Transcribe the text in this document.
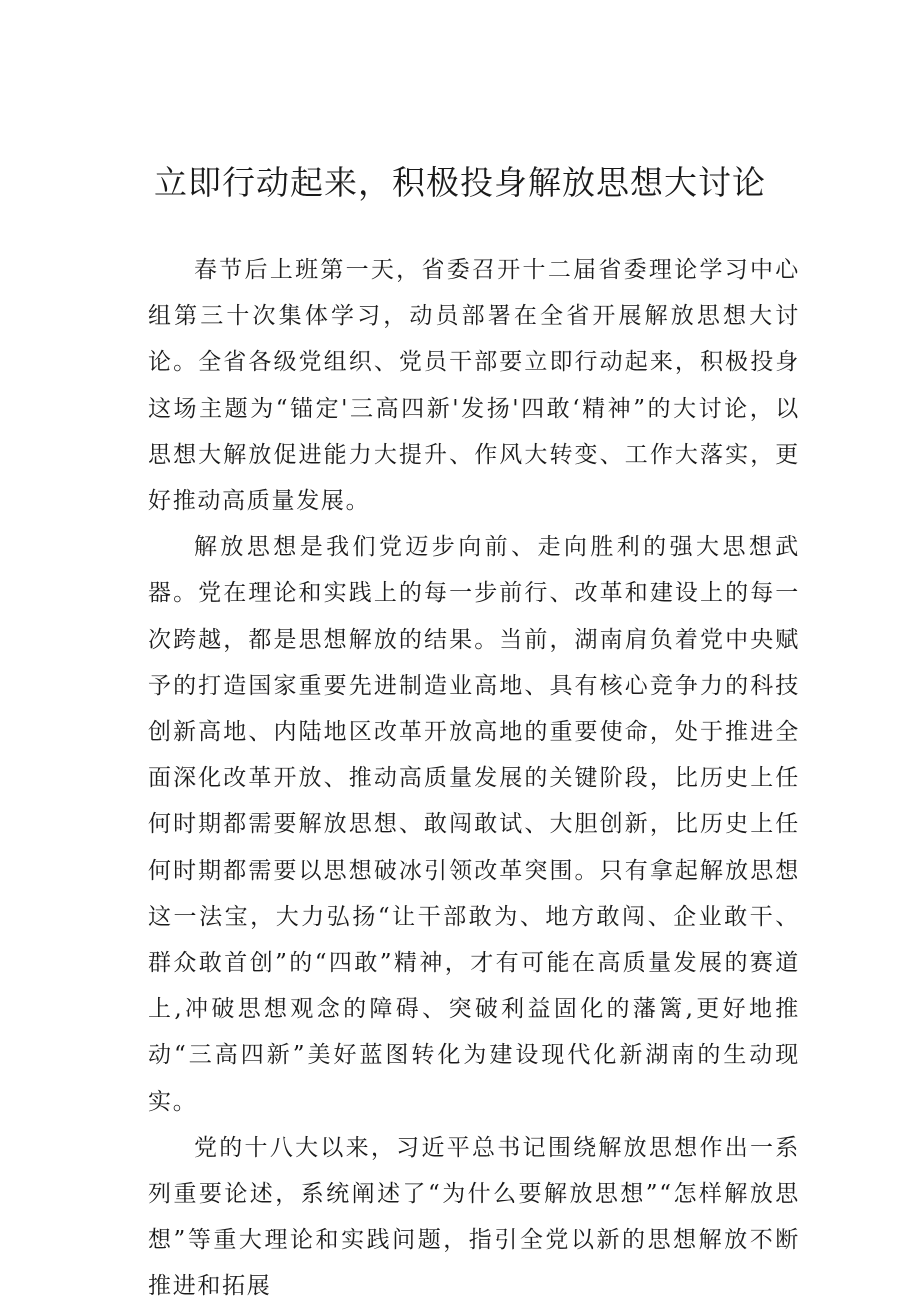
立即行动起来，积极投身解放思想大讨论

春节后上班第一天，省委召开十二届省委理论学习中心组第三十次集体学习，动员部署在全省开展解放思想大讨论。全省各级党组织、党员干部要立即行动起来，积极投身这场主题为“锚定'三高四新'发扬'四敢‘精神”的大讨论，以思想大解放促进能力大提升、作风大转变、工作大落实，更好推动高质量发展。

解放思想是我们党迈步向前、走向胜利的强大思想武器。党在理论和实践上的每一步前行、改革和建设上的每一次跨越，都是思想解放的结果。当前，湖南肩负着党中央赋予的打造国家重要先进制造业高地、具有核心竞争力的科技创新高地、内陆地区改革开放高地的重要使命，处于推进全面深化改革开放、推动高质量发展的关键阶段，比历史上任何时期都需要解放思想、敢闯敢试、大胆创新，比历史上任何时期都需要以思想破冰引领改革突围。只有拿起解放思想这一法宝，大力弘扬“让干部敢为、地方敢闯、企业敢干、群众敢首创”的“四敢”精神，才有可能在高质量发展的赛道上,冲破思想观念的障碍、突破利益固化的藩篱,更好地推动“三高四新”美好蓝图转化为建设现代化新湖南的生动现实。

党的十八大以来，习近平总书记围绕解放思想作出一系列重要论述，系统阐述了“为什么要解放思想”“怎样解放思想”等重大理论和实践问题，指引全党以新的思想解放不断推进和拓展
